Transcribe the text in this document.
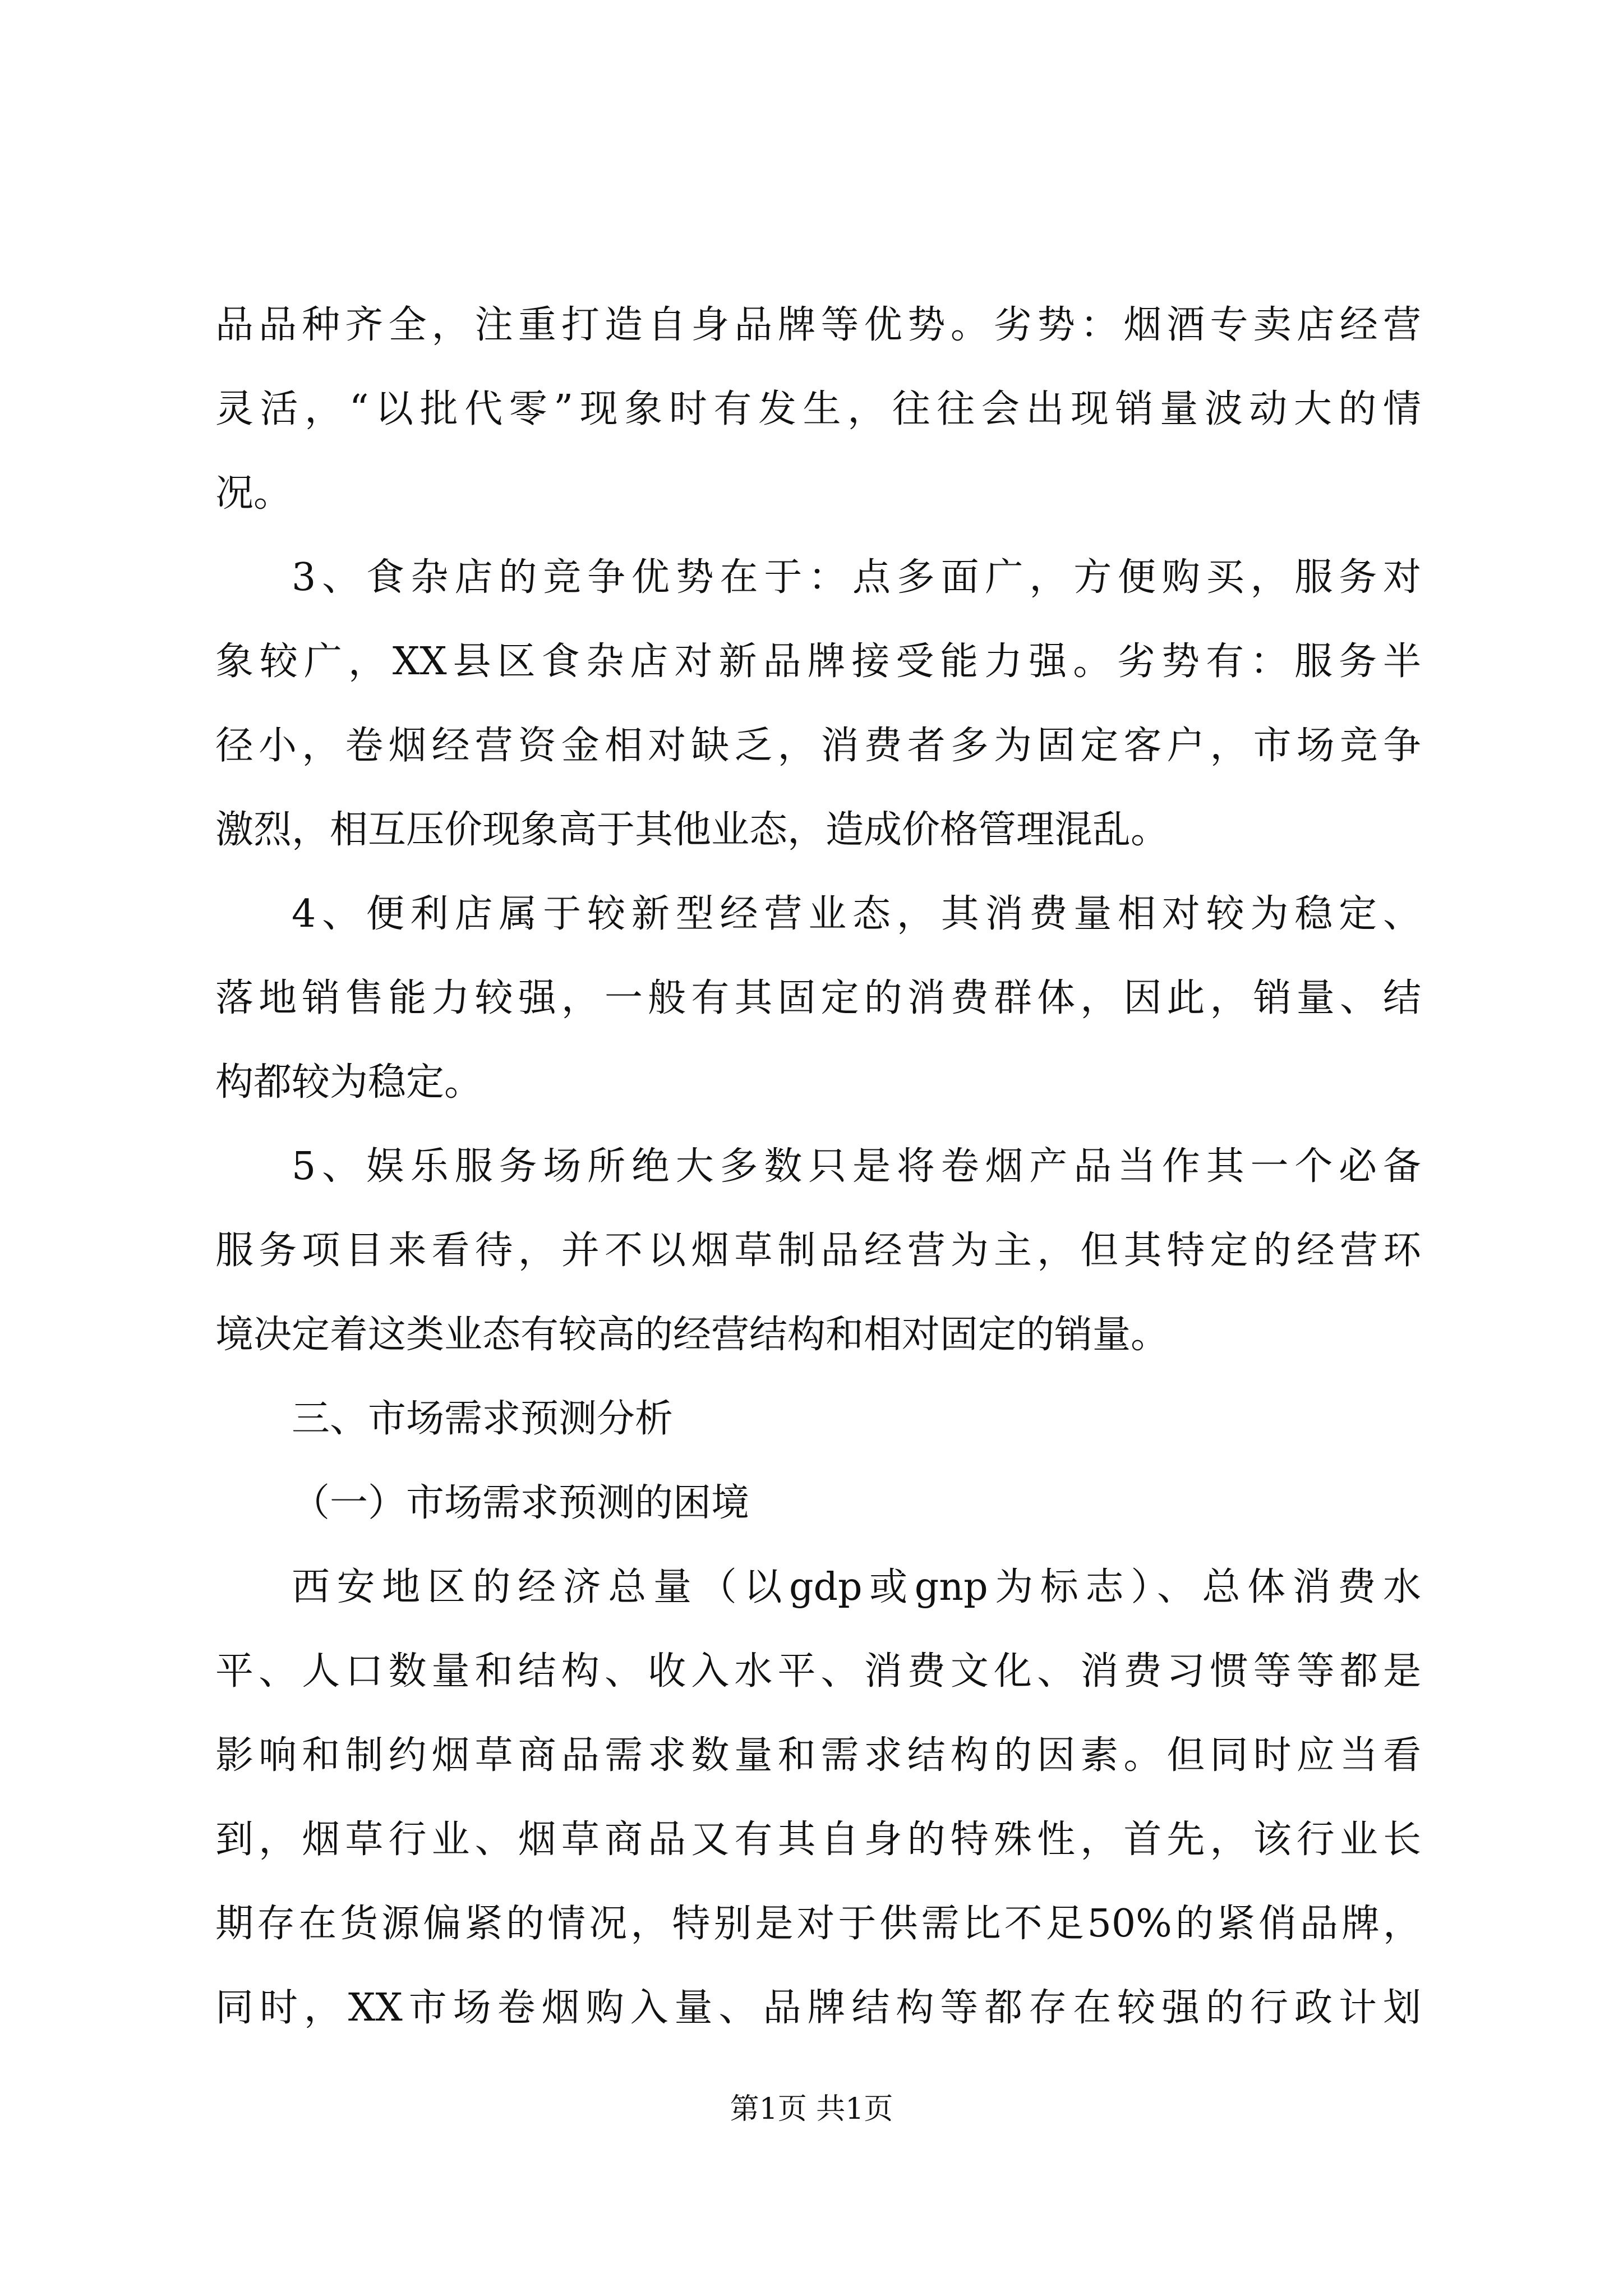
品品种齐全，注重打造自身品牌等优势。劣势：烟酒专卖店经营
灵活，“以批代零”现象时有发生，往往会出现销量波动大的情
况。
3、食杂店的竞争优势在于：点多面广，方便购买，服务对
象较广，XX县区食杂店对新品牌接受能力强。劣势有：服务半
径小，卷烟经营资金相对缺乏，消费者多为固定客户，市场竞争
激烈，相互压价现象高于其他业态，造成价格管理混乱。
4、便利店属于较新型经营业态，其消费量相对较为稳定、
落地销售能力较强，一般有其固定的消费群体，因此，销量、结
构都较为稳定。
5、娱乐服务场所绝大多数只是将卷烟产品当作其一个必备
服务项目来看待，并不以烟草制品经营为主，但其特定的经营环
境决定着这类业态有较高的经营结构和相对固定的销量。
三、市场需求预测分析
（一）市场需求预测的困境
西安地区的经济总量（以gdp或gnp为标志）、总体消费水
平、人口数量和结构、收入水平、消费文化、消费习惯等等都是
影响和制约烟草商品需求数量和需求结构的因素。但同时应当看
到，烟草行业、烟草商品又有其自身的特殊性，首先，该行业长
期存在货源偏紧的情况，特别是对于供需比不足50%的紧俏品牌，
同时，XX市场卷烟购入量、品牌结构等都存在较强的行政计划
第1页 共1页
